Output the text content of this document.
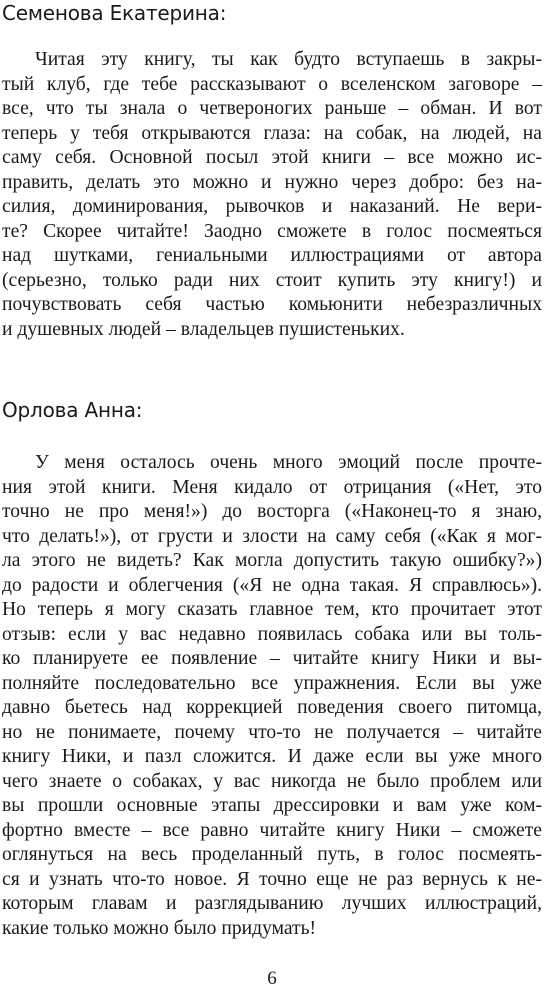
Семенова Екатерина:
Читая эту книгу, ты как будто вступаешь в закры-
тый клуб, где тебе рассказывают о вселенском заговоре –
все, что ты знала о четвероногих раньше – обман. И вот
теперь у тебя открываются глаза: на собак, на людей, на
саму себя. Основной посыл этой книги – все можно ис-
править, делать это можно и нужно через добро: без на-
силия, доминирования, рывочков и наказаний. Не вери-
те? Скорее читайте! Заодно сможете в голос посмеяться
над шутками, гениальными иллюстрациями от автора
(серьезно, только ради них стоит купить эту книгу!) и
почувствовать себя частью комьюнити небезразличных
и душевных людей – владельцев пушистеньких.
Орлова Анна:
У меня осталось очень много эмоций после прочте-
ния этой книги. Меня кидало от отрицания («Нет, это
точно не про меня!») до восторга («Наконец-то я знаю,
что делать!»), от грусти и злости на саму себя («Как я мог-
ла этого не видеть? Как могла допустить такую ошибку?»)
до радости и облегчения («Я не одна такая. Я справлюсь»).
Но теперь я могу сказать главное тем, кто прочитает этот
отзыв: если у вас недавно появилась собака или вы толь-
ко планируете ее появление – читайте книгу Ники и вы-
полняйте последовательно все упражнения. Если вы уже
давно бьетесь над коррекцией поведения своего питомца,
но не понимаете, почему что-то не получается – читайте
книгу Ники, и пазл сложится. И даже если вы уже много
чего знаете о собаках, у вас никогда не было проблем или
вы прошли основные этапы дрессировки и вам уже ком-
фортно вместе – все равно читайте книгу Ники – сможете
оглянуться на весь проделанный путь, в голос посмеять-
ся и узнать что-то новое. Я точно еще не раз вернусь к не-
которым главам и разглядыванию лучших иллюстраций,
какие только можно было придумать!

6
